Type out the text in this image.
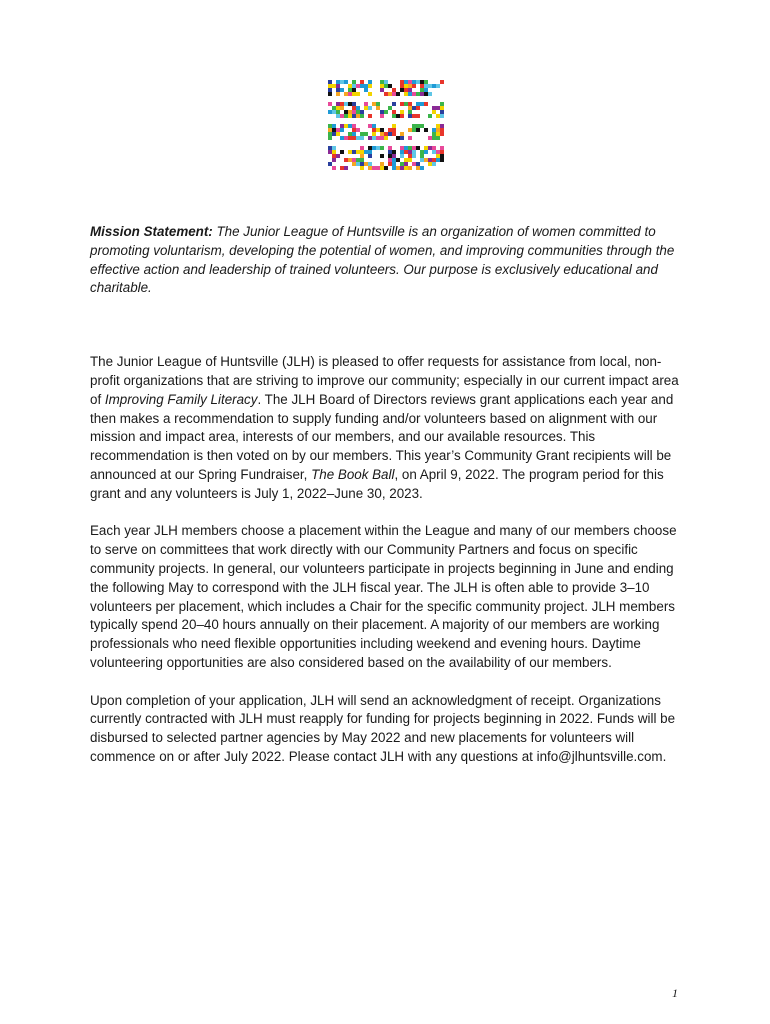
Mission Statement: The Junior League of Huntsville is an organization of women committed to promoting voluntarism, developing the potential of women, and improving communities through the effective action and leadership of trained volunteers. Our purpose is exclusively educational and charitable.

The Junior League of Huntsville (JLH) is pleased to offer requests for assistance from local, non-profit organizations that are striving to improve our community; especially in our current impact area of Improving Family Literacy. The JLH Board of Directors reviews grant applications each year and then makes a recommendation to supply funding and/or volunteers based on alignment with our mission and impact area, interests of our members, and our available resources. This recommendation is then voted on by our members. This year’s Community Grant recipients will be announced at our Spring Fundraiser, The Book Ball, on April 9, 2022. The program period for this grant and any volunteers is July 1, 2022–June 30, 2023.

Each year JLH members choose a placement within the League and many of our members choose to serve on committees that work directly with our Community Partners and focus on specific community projects. In general, our volunteers participate in projects beginning in June and ending the following May to correspond with the JLH fiscal year. The JLH is often able to provide 3–10 volunteers per placement, which includes a Chair for the specific community project. JLH members typically spend 20–40 hours annually on their placement. A majority of our members are working professionals who need flexible opportunities including weekend and evening hours. Daytime volunteering opportunities are also considered based on the availability of our members.

Upon completion of your application, JLH will send an acknowledgment of receipt. Organizations currently contracted with JLH must reapply for funding for projects beginning in 2022. Funds will be disbursed to selected partner agencies by May 2022 and new placements for volunteers will commence on or after July 2022. Please contact JLH with any questions at info@jlhuntsville.com.

1
